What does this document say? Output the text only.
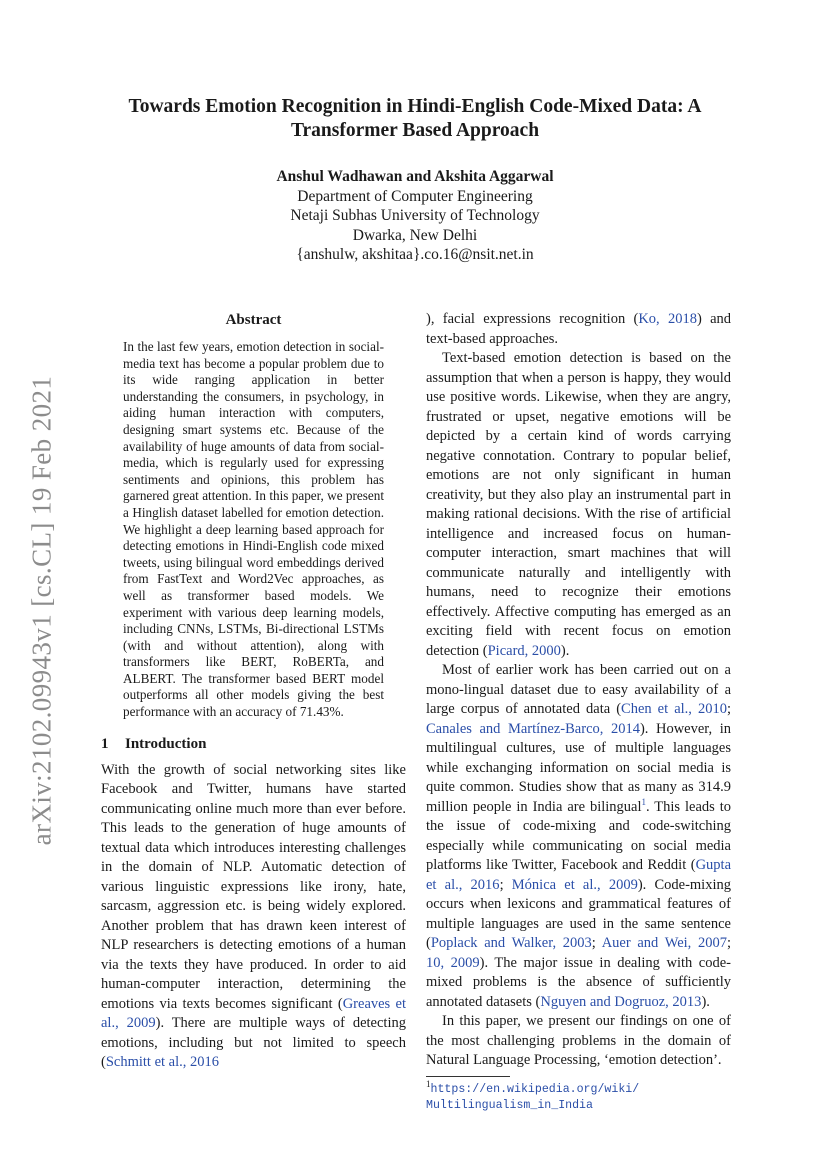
arXiv:2102.09943v1 [cs.CL] 19 Feb 2021
Towards Emotion Recognition in Hindi-English Code-Mixed Data: A
Transformer Based Approach
Anshul Wadhawan and Akshita Aggarwal
Department of Computer Engineering
Netaji Subhas University of Technology
Dwarka, New Delhi
{anshulw, akshitaa}.co.16@nsit.net.in
Abstract
In the last few years, emotion detection in social-media text has become a popular problem due to its wide ranging application in better understanding the consumers, in psychology, in aiding human interaction with computers, designing smart systems etc. Because of the availability of huge amounts of data from social-media, which is regularly used for expressing sentiments and opinions, this problem has garnered great attention. In this paper, we present a Hinglish dataset labelled for emotion detection. We highlight a deep learning based approach for detecting emotions in Hindi-English code mixed tweets, using bilingual word embeddings derived from FastText and Word2Vec approaches, as well as transformer based models. We experiment with various deep learning models, including CNNs, LSTMs, Bi-directional LSTMs (with and without attention), along with transformers like BERT, RoBERTa, and ALBERT. The transformer based BERT model outperforms all other models giving the best performance with an accuracy of 71.43%.
1 Introduction

With the growth of social networking sites like Facebook and Twitter, humans have started communicating online much more than ever before. This leads to the generation of huge amounts of textual data which introduces interesting challenges in the domain of NLP. Automatic detection of various linguistic expressions like irony, hate, sarcasm, aggression etc. is being widely explored. Another problem that has drawn keen interest of NLP researchers is detecting emotions of a human via the texts they have produced. In order to aid human-computer interaction, determining the emotions via texts becomes significant (Greaves et al., 2009). There are multiple ways of detecting emotions, including but not limited to speech (Schmitt et al., 2016

), facial expressions recognition (Ko, 2018) and text-based approaches.

Text-based emotion detection is based on the assumption that when a person is happy, they would use positive words. Likewise, when they are angry, frustrated or upset, negative emotions will be depicted by a certain kind of words carrying negative connotation. Contrary to popular belief, emotions are not only significant in human creativity, but they also play an instrumental part in making rational decisions. With the rise of artificial intelligence and increased focus on human-computer interaction, smart machines that will communicate naturally and intelligently with humans, need to recognize their emotions effectively. Affective computing has emerged as an exciting field with recent focus on emotion detection (Picard, 2000).

Most of earlier work has been carried out on a mono-lingual dataset due to easy availability of a large corpus of annotated data (Chen et al., 2010; Canales and Martínez-Barco, 2014). However, in multilingual cultures, use of multiple languages while exchanging information on social media is quite common. Studies show that as many as 314.9 million people in India are bilingual$^1$. This leads to the issue of code-mixing and code-switching especially while communicating on social media platforms like Twitter, Facebook and Reddit (Gupta et al., 2016; Mónica et al., 2009). Code-mixing occurs when lexicons and grammatical features of multiple languages are used in the same sentence (Poplack and Walker, 2003; Auer and Wei, 2007; 10, 2009). The major issue in dealing with code-mixed problems is the absence of sufficiently annotated datasets (Nguyen and Dogruoz, 2013).

In this paper, we present our findings on one of the most challenging problems in the domain of Natural Language Processing, ‘emotion detection’.

$^1$https://en.wikipedia.org/wiki/
Multilingualism_in_India
